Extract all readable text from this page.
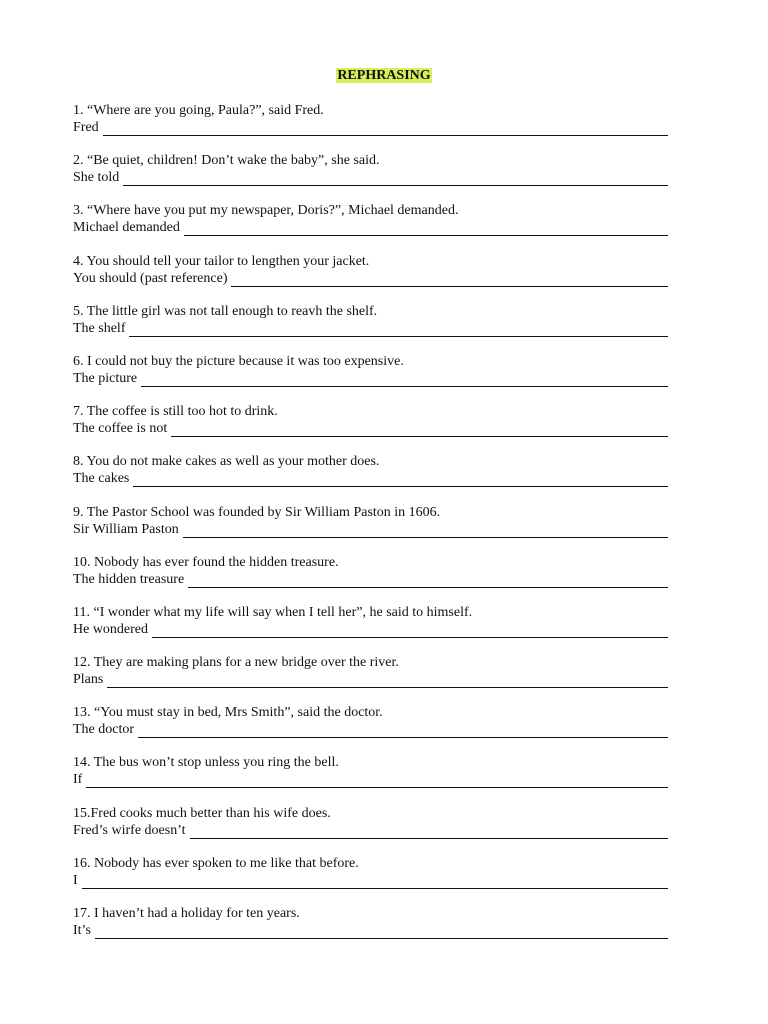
REPHRASING
1. “Where are you going, Paula?”, said Fred.
Fred
2. “Be quiet, children! Don’t wake the baby”, she said.
She told
3. “Where have you put my newspaper, Doris?”, Michael demanded.
Michael demanded
4. You should tell your tailor to lengthen your jacket.
You should (past reference)
5. The little girl was not tall enough to reavh the shelf.
The shelf
6. I could not buy the picture because it was too expensive.
The picture
7. The coffee is still too hot to drink.
The coffee is not
8. You do not make cakes as well as your mother does.
The cakes
9. The Pastor School was founded by Sir William Paston in 1606.
Sir William Paston
10. Nobody has ever found the hidden treasure.
The hidden treasure
11. “I wonder what my life will say when I tell her”, he said to himself.
He wondered
12. They are making plans for a new bridge over the river.
Plans
13. “You must stay in bed, Mrs Smith”, said the doctor.
The doctor
14. The bus won’t stop unless you ring the bell.
If
15.Fred cooks much better than his wife does.
Fred’s wirfe doesn’t
16. Nobody has ever spoken to me like that before.
I
17. I haven’t had a holiday for ten years.
It’s
